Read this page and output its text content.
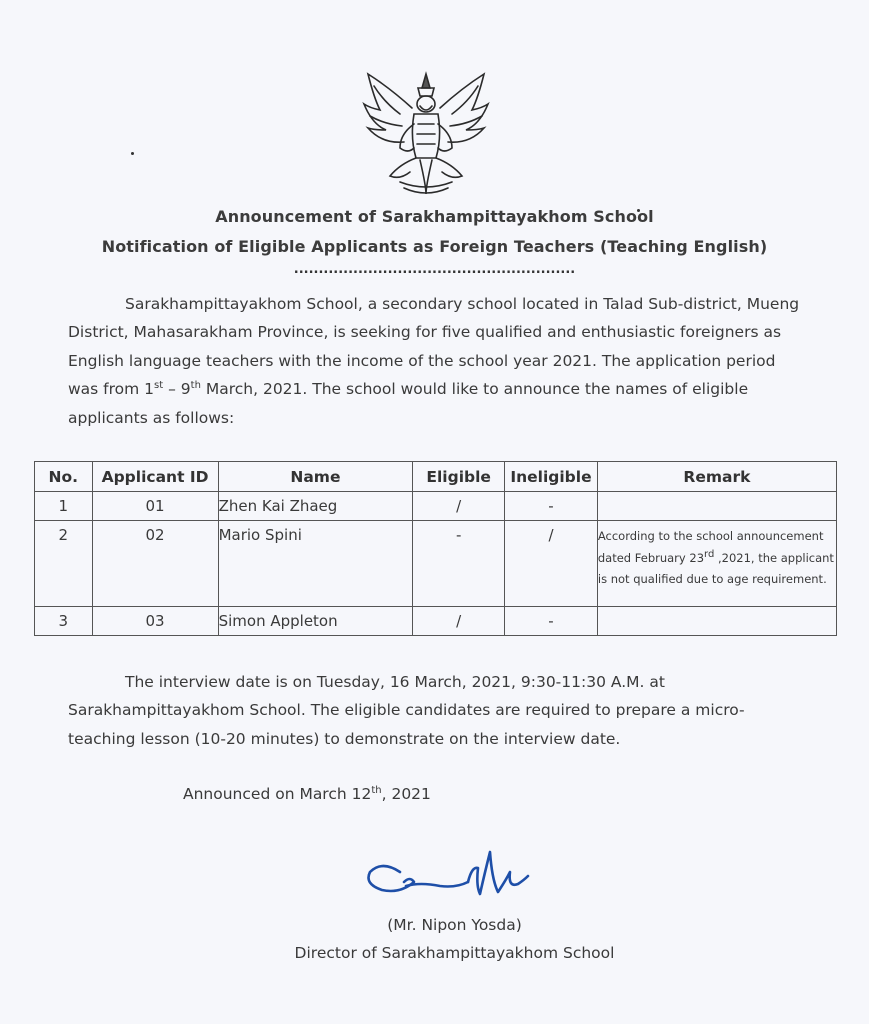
Announcement of Sarakhampittayakhom School
Notification of Eligible Applicants as Foreign Teachers (Teaching English)
.........................................................

Sarakhampittayakhom School, a secondary school located in Talad Sub-district, Mueng District, Mahasarakham Province, is seeking for five qualified and enthusiastic foreigners as English language teachers with the income of the school year 2021. The application period was from 1st – 9th March, 2021. The school would like to announce the names of eligible applicants as follows:

No.	Applicant ID	Name	Eligible	Ineligible	Remark
1	01	Zhen Kai Zhaeg	/	-	
2	02	Mario Spini	-	/	According to the school announcement dated February 23rd ,2021, the applicant is not qualified due to age requirement.
3	03	Simon Appleton	/	-	

The interview date is on Tuesday, 16 March, 2021, 9:30-11:30 A.M. at Sarakhampittayakhom School. The eligible candidates are required to prepare a micro-teaching lesson (10-20 minutes) to demonstrate on the interview date.

Announced on March 12th, 2021
(Mr. Nipon Yosda)
Director of Sarakhampittayakhom School
